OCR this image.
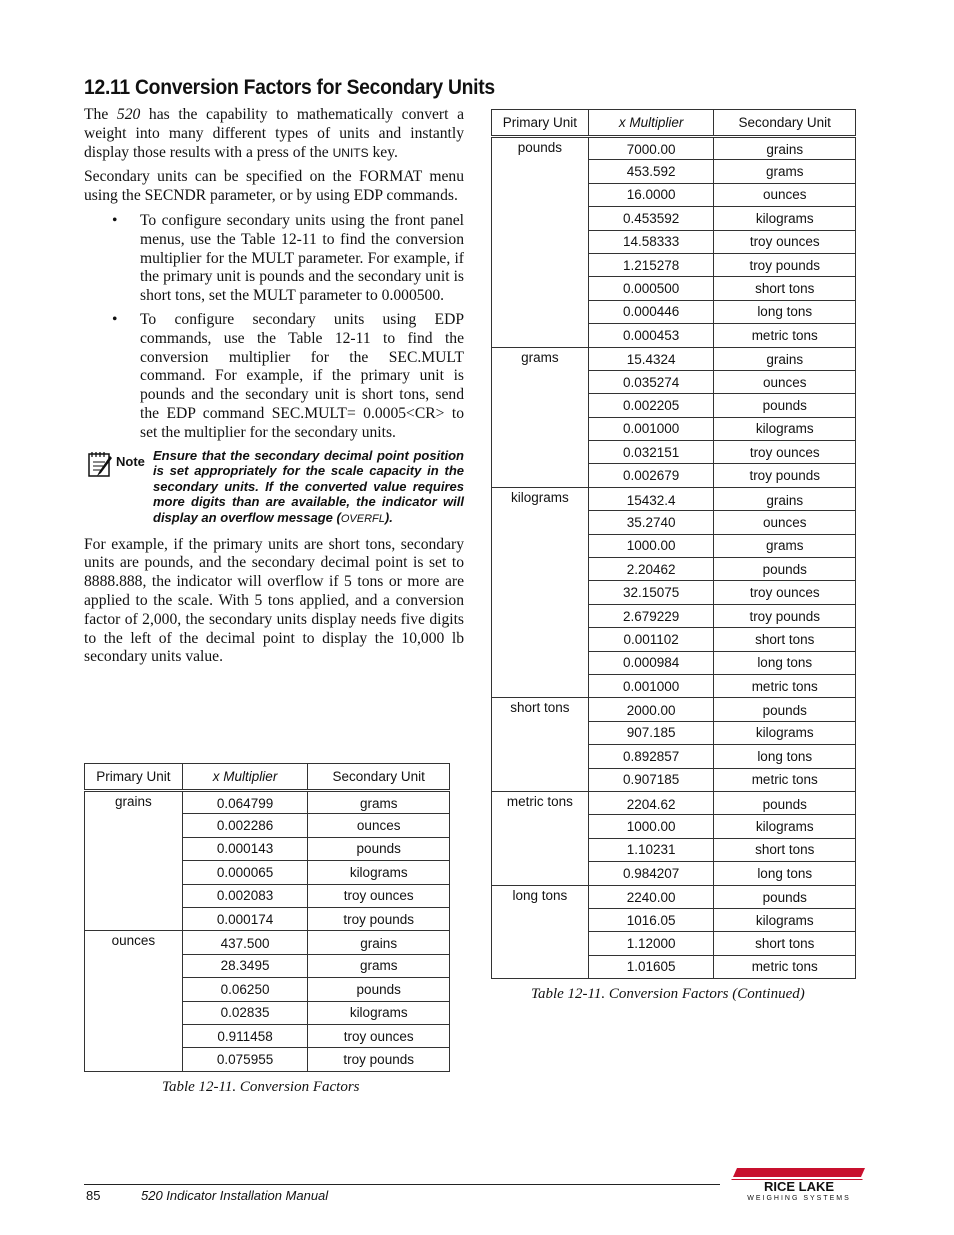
12.11 Conversion Factors for Secondary Units

The 520 has the capability to mathematically convert a weight into many different types of units and instantly display those results with a press of the UNITS key.

Secondary units can be specified on the FORMAT menu using the SECNDR parameter, or by using EDP commands.

• To configure secondary units using the front panel menus, use the Table 12-11 to find the conversion multiplier for the MULT parameter. For example, if the primary unit is pounds and the secondary unit is short tons, set the MULT parameter to 0.000500.
• To configure secondary units using EDP commands, use the Table 12-11 to find the conversion multiplier for the SEC.MULT command. For example, if the primary unit is pounds and the secondary unit is short tons, send the EDP command SEC.MULT= 0.0005<CR> to set the multiplier for the secondary units.
Note Ensure that the secondary decimal point position is set appropriately for the scale capacity in the secondary units. If the converted value requires more digits than are available, the indicator will display an overflow message (OVERFL).

For example, if the primary units are short tons, secondary units are pounds, and the secondary decimal point is set to 8888.888, the indicator will overflow if 5 tons or more are applied to the scale. With 5 tons applied, and a conversion factor of 2,000, the secondary units display needs five digits to the left of the decimal point to display the 10,000 lb secondary units value.

Primary Unit	x Multiplier	Secondary Unit
grains	0.064799	grams
	0.002286	ounces
	0.000143	pounds
	0.000065	kilograms
	0.002083	troy ounces
	0.000174	troy pounds
ounces	437.500	grains
	28.3495	grams
	0.06250	pounds
	0.02835	kilograms
	0.911458	troy ounces
	0.075955	troy pounds
Table 12-11. Conversion Factors
Primary Unit	x Multiplier	Secondary Unit
pounds	7000.00	grains
	453.592	grams
	16.0000	ounces
	0.453592	kilograms
	14.58333	troy ounces
	1.215278	troy pounds
	0.000500	short tons
	0.000446	long tons
	0.000453	metric tons
grams	15.4324	grains
	0.035274	ounces
	0.002205	pounds
	0.001000	kilograms
	0.032151	troy ounces
	0.002679	troy pounds
kilograms	15432.4	grains
	35.2740	ounces
	1000.00	grams
	2.20462	pounds
	32.15075	troy ounces
	2.679229	troy pounds
	0.001102	short tons
	0.000984	long tons
	0.001000	metric tons
short tons	2000.00	pounds
	907.185	kilograms
	0.892857	long tons
	0.907185	metric tons
metric tons	2204.62	pounds
	1000.00	kilograms
	1.10231	short tons
	0.984207	long tons
long tons	2240.00	pounds
	1016.05	kilograms
	1.12000	short tons
	1.01605	metric tons
Table 12-11. Conversion Factors (Continued)
85	520 Indicator Installation Manual
RICE LAKE
WEIGHING SYSTEMS
